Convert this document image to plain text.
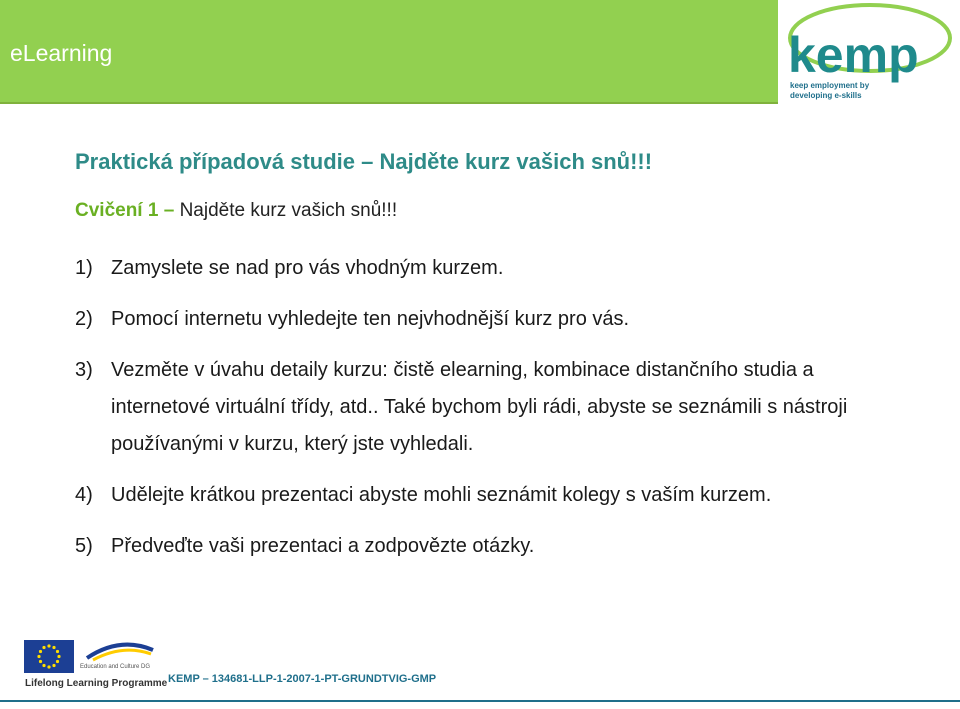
eLearning	kemp
keep employment by
developing e-skills
Praktická případová studie – Najděte kurz vašich snů!!!
Cvičení 1 – Najděte kurz vašich snů!!!
1) Zamyslete se nad pro vás vhodným kurzem.
2) Pomocí internetu vyhledejte ten nejvhodnější kurz pro vás.
3) Vezměte v úvahu detaily kurzu: čistě elearning, kombinace distančního studia a internetové virtuální třídy, atd.. Také bychom byli rádi, abyste se seznámili s nástroji používanými v kurzu, který jste vyhledali.
4) Udělejte krátkou prezentaci abyste mohli seznámit kolegy s vaším kurzem.
5) Předveďte vaši prezentaci a zodpovězte otázky.
Education and Culture DG
Lifelong Learning Programme KEMP – 134681-LLP-1-2007-1-PT-GRUNDTVIG-GMP
